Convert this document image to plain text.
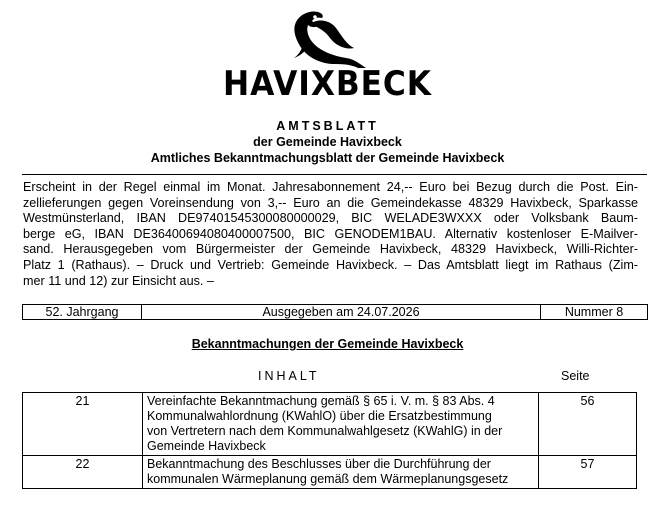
HAVIXBECK
AMTSBLATT
der Gemeinde Havixbeck
Amtliches Bekanntmachungsblatt der Gemeinde Havixbeck
Erscheint in der Regel einmal im Monat. Jahresabonnement 24,-- Euro bei Bezug durch die Post. Ein-
zellieferungen gegen Voreinsendung von 3,-- Euro an die Gemeindekasse 48329 Havixbeck, Sparkasse
Westmünsterland, IBAN DE97401545300080000029, BIC WELADE3WXXX oder Volksbank Baum-
berge eG, IBAN DE36400694080400007500, BIC GENODEM1BAU. Alternativ kostenloser E-Mailver-
sand. Herausgegeben vom Bürgermeister der Gemeinde Havixbeck, 48329 Havixbeck, Willi-Richter-
Platz 1 (Rathaus). – Druck und Vertrieb: Gemeinde Havixbeck. – Das Amtsblatt liegt im Rathaus (Zim-
mer 11 und 12) zur Einsicht aus. –
52. Jahrgang	Ausgegeben am 24.07.2026	Nummer 8
Bekanntmachungen der Gemeinde Havixbeck
INHALT	Seite
21	Vereinfachte Bekanntmachung gemäß § 65 i. V. m. § 83 Abs. 4
Kommunalwahlordnung (KWahlO) über die Ersatzbestimmung
von Vertretern nach dem Kommunalwahlgesetz (KWahlG) in der
Gemeinde Havixbeck	56
22	Bekanntmachung des Beschlusses über die Durchführung der
kommunalen Wärmeplanung gemäß dem Wärmeplanungsgesetz	57
